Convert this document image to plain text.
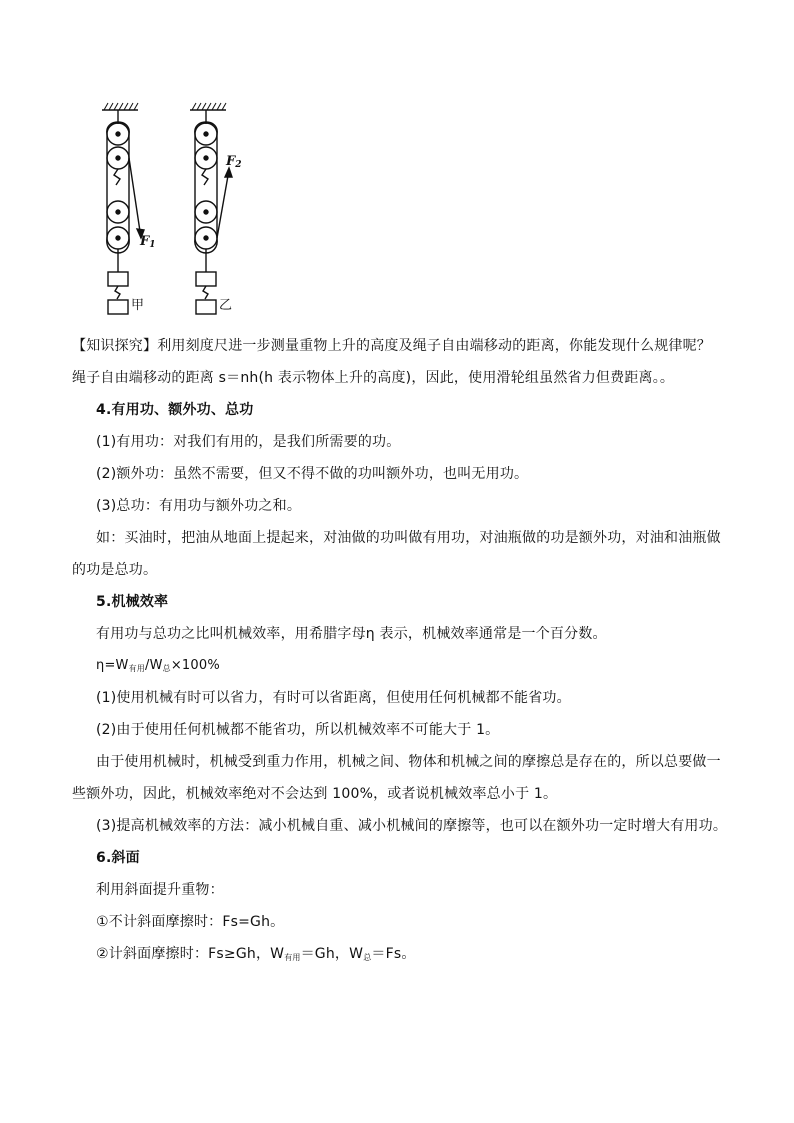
$F_1$
$F_2$
甲	乙
【知识探究】利用刻度尺进一步测量重物上升的高度及绳子自由端移动的距离，你能发现什么规律呢？
绳子自由端移动的距离 s＝nh(h 表示物体上升的高度)，因此，使用滑轮组虽然省力但费距离。。
4.有用功、额外功、总功
(1)有用功：对我们有用的，是我们所需要的功。
(2)额外功：虽然不需要，但又不得不做的功叫额外功，也叫无用功。
(3)总功：有用功与额外功之和。
如：买油时，把油从地面上提起来，对油做的功叫做有用功，对油瓶做的功是额外功，对油和油瓶做
的功是总功。
5.机械效率
有用功与总功之比叫机械效率，用希腊字母η 表示，机械效率通常是一个百分数。
$\eta=W_{有用}/W_总\times 100\%$
(1)使用机械有时可以省力，有时可以省距离，但使用任何机械都不能省功。
(2)由于使用任何机械都不能省功，所以机械效率不可能大于 1。
由于使用机械时，机械受到重力作用，机械之间、物体和机械之间的摩擦总是存在的，所以总要做一
些额外功，因此，机械效率绝对不会达到 100%，或者说机械效率总小于 1。
(3)提高机械效率的方法：减小机械自重、减小机械间的摩擦等，也可以在额外功一定时增大有用功。
6.斜面
利用斜面提升重物：
①不计斜面摩擦时：Fs=Gh。
②计斜面摩擦时：Fs≥Gh，$W_{有用}=Gh$，$W_总=Fs$。
